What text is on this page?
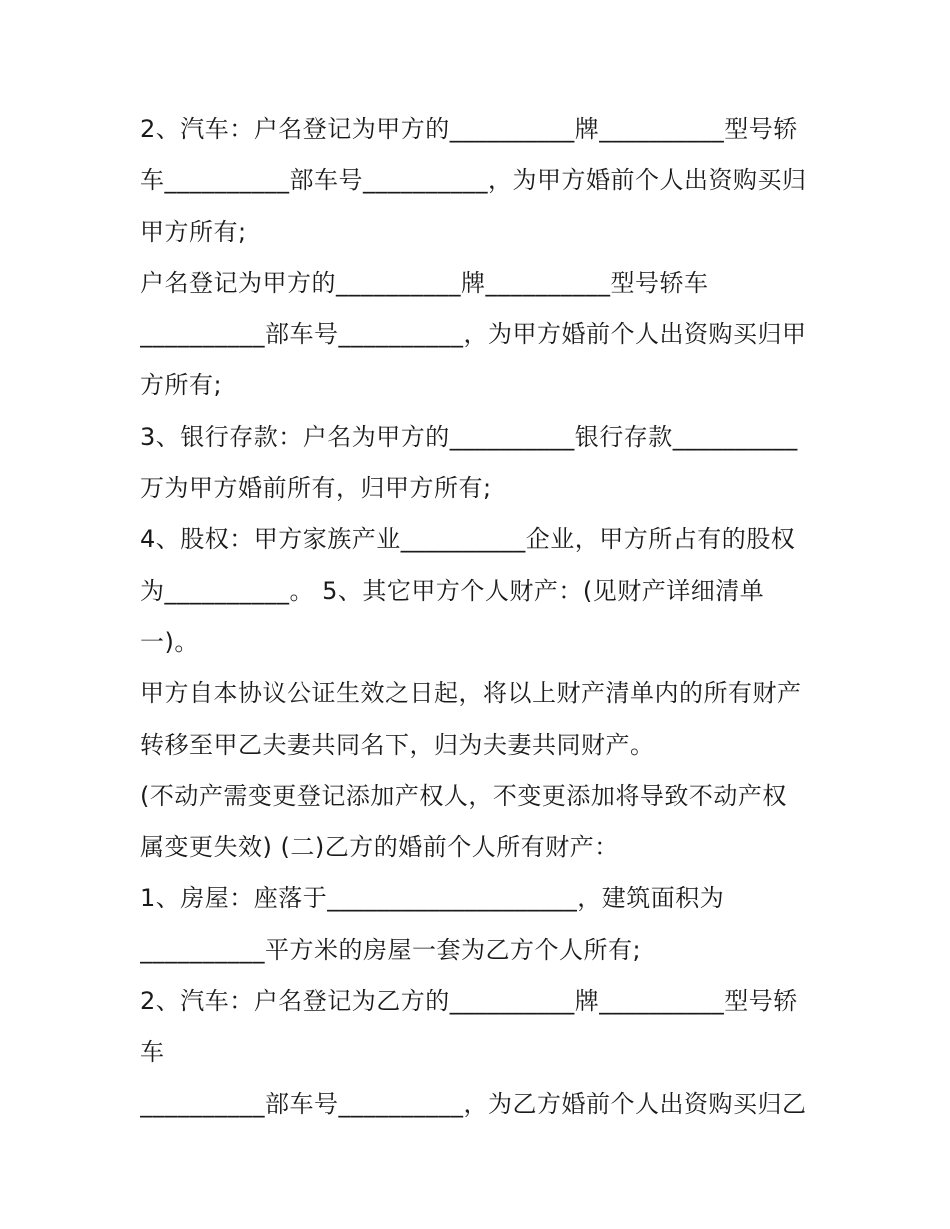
2、汽车：户名登记为甲方的__________牌__________型号轿
车__________部车号__________，为甲方婚前个人出资购买归
甲方所有;
户名登记为甲方的__________牌__________型号轿车
__________部车号__________，为甲方婚前个人出资购买归甲
方所有;
3、银行存款：户名为甲方的__________银行存款__________
万为甲方婚前所有，归甲方所有;
4、股权：甲方家族产业__________企业，甲方所占有的股权
为__________。 5、其它甲方个人财产：(见财产详细清单
一)。
甲方自本协议公证生效之日起，将以上财产清单内的所有财产
转移至甲乙夫妻共同名下，归为夫妻共同财产。
(不动产需变更登记添加产权人，不变更添加将导致不动产权
属变更失效) (二)乙方的婚前个人所有财产：
1、房屋：座落于____________________，建筑面积为
__________平方米的房屋一套为乙方个人所有;
2、汽车：户名登记为乙方的__________牌__________型号轿
车
__________部车号__________，为乙方婚前个人出资购买归乙
